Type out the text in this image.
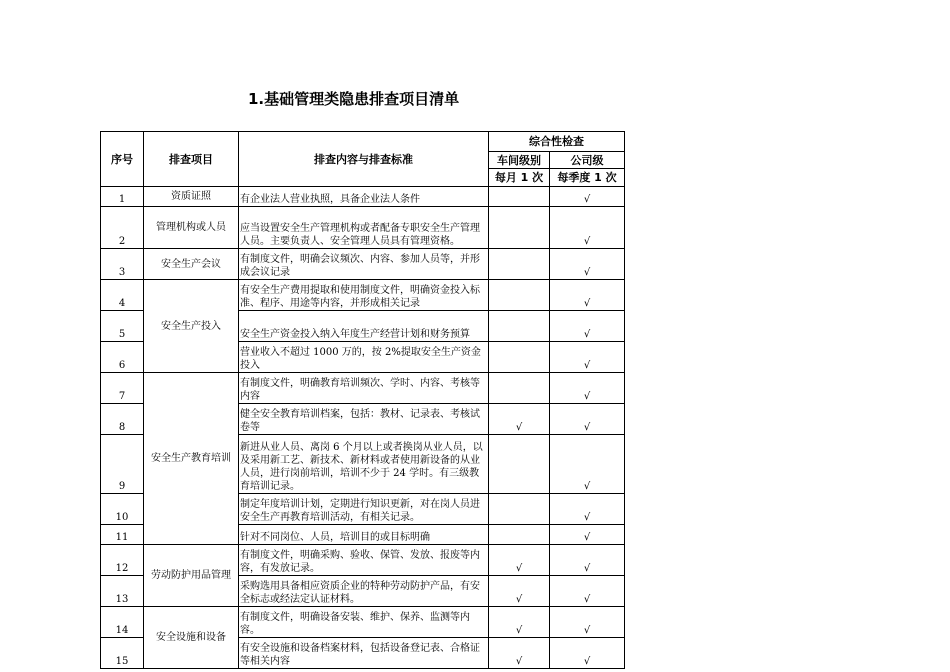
1.基础管理类隐患排查项目清单
序号	排查项目	排查内容与排查标准	综合性检查	
			车间级别	公司级
			每月 1 次	每季度 1 次
1	资质证照	有企业法人营业执照，具备企业法人条件		√
2	管理机构或人员	应当设置安全生产管理机构或者配备专职安全生产管理人员。主要负责人、安全管理人员具有管理资格。		√
3	安全生产会议	有制度文件，明确会议频次、内容、参加人员等，并形成会议记录		√
4	安全生产投入	有安全生产费用提取和使用制度文件，明确资金投入标准、程序、用途等内容，并形成相关记录		√
5		安全生产资金投入纳入年度生产经营计划和财务预算		√
6		营业收入不超过 1000 万的，按 2%提取安全生产资金投入		√
7	安全生产教育培训	有制度文件，明确教育培训频次、学时、内容、考核等内容		√
8		健全安全教育培训档案，包括：教材、记录表、考核试卷等	√	√
9		新进从业人员、离岗 6 个月以上或者换岗从业人员，以及采用新工艺、新技术、新材料或者使用新设备的从业人员，进行岗前培训，培训不少于 24 学时。有三级教育培训记录。		√
10		制定年度培训计划，定期进行知识更新，对在岗人员进安全生产再教育培训活动，有相关记录。		√
11		针对不同岗位、人员，培训目的或目标明确		√
12	劳动防护用品管理	有制度文件，明确采购、验收、保管、发放、报废等内容，有发放记录。	√	√
13		采购选用具备相应资质企业的特种劳动防护产品，有安全标志或经法定认证材料。	√	√
14	安全设施和设备	有制度文件，明确设备安装、维护、保养、监测等内容。	√	√
15		有安全设施和设备档案材料，包括设备登记表、合格证等相关内容	√	√
